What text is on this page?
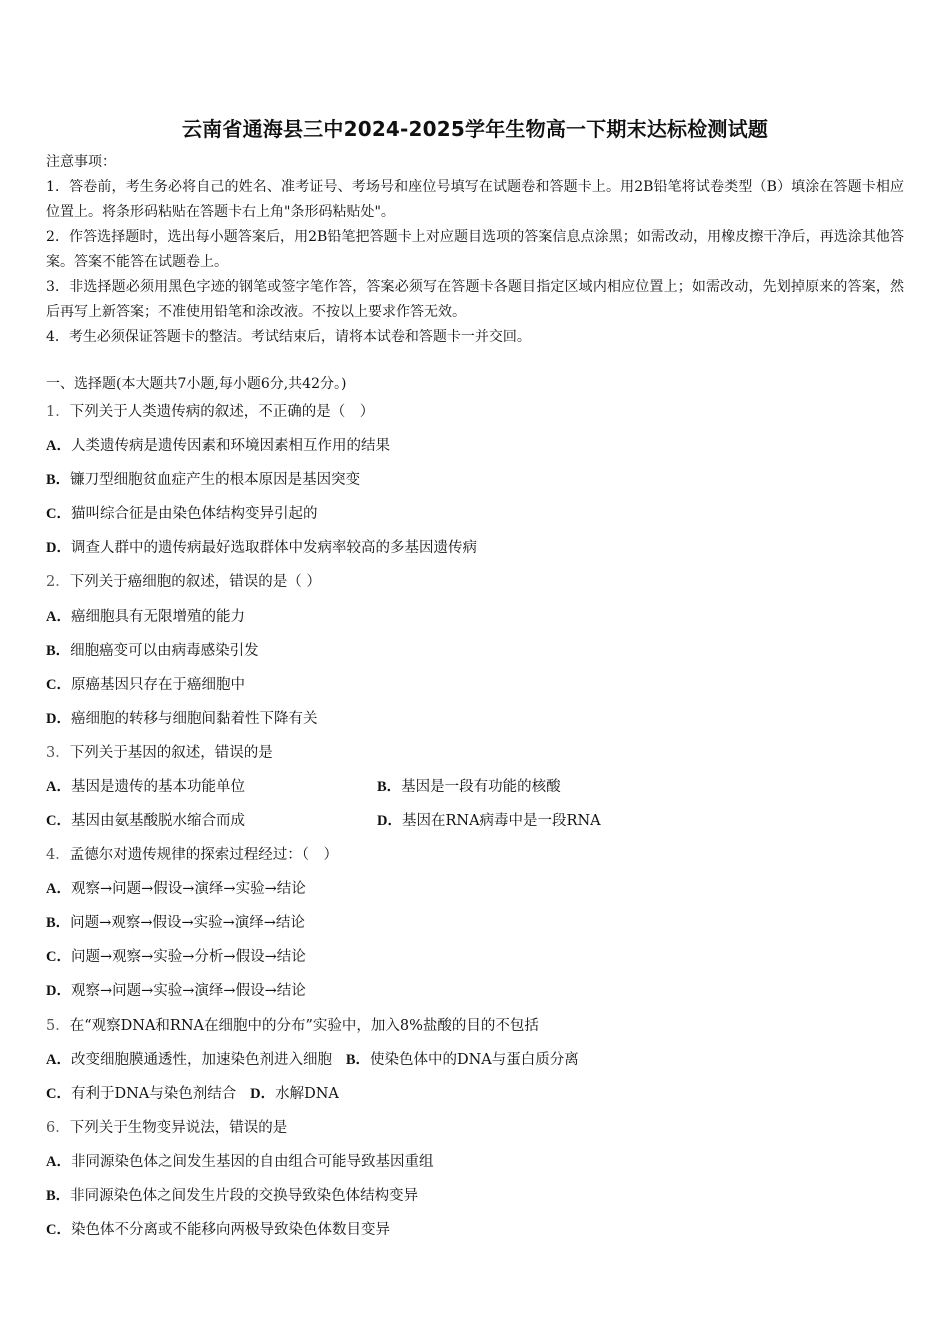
云南省通海县三中2024-2025学年生物高一下期末达标检测试题

注意事项：

1．答卷前，考生务必将自己的姓名、准考证号、考场号和座位号填写在试题卷和答题卡上。用2B铅笔将试卷类型（B）填涂在答题卡相应位置上。将条形码粘贴在答题卡右上角"条形码粘贴处"。

2．作答选择题时，选出每小题答案后，用2B铅笔把答题卡上对应题目选项的答案信息点涂黑；如需改动，用橡皮擦干净后，再选涂其他答案。答案不能答在试题卷上。

3．非选择题必须用黑色字迹的钢笔或签字笔作答，答案必须写在答题卡各题目指定区域内相应位置上；如需改动，先划掉原来的答案，然后再写上新答案；不准使用铅笔和涂改液。不按以上要求作答无效。

4．考生必须保证答题卡的整洁。考试结束后，请将本试卷和答题卡一并交回。

一、选择题(本大题共7小题,每小题6分,共42分。)
1．下列关于人类遗传病的叙述，不正确的是（　）
A．人类遗传病是遗传因素和环境因素相互作用的结果
B．镰刀型细胞贫血症产生的根本原因是基因突变
C．猫叫综合征是由染色体结构变异引起的
D．调查人群中的遗传病最好选取群体中发病率较高的多基因遗传病
2．下列关于癌细胞的叙述，错误的是（ ）
A．癌细胞具有无限增殖的能力
B．细胞癌变可以由病毒感染引发
C．原癌基因只存在于癌细胞中
D．癌细胞的转移与细胞间黏着性下降有关
3．下列关于基因的叙述，错误的是
A．基因是遗传的基本功能单位	B．基因是一段有功能的核酸
C．基因由氨基酸脱水缩合而成	D．基因在RNA病毒中是一段RNA
4．孟德尔对遗传规律的探索过程经过：（　）
A．观察→问题→假设→演绎→实验→结论
B．问题→观察→假设→实验→演绎→结论
C．问题→观察→实验→分析→假设→结论
D．观察→问题→实验→演绎→假设→结论
5．在“观察DNA和RNA在细胞中的分布”实验中，加入8%盐酸的目的不包括
A．改变细胞膜通透性，加速染色剂进入细胞 B．使染色体中的DNA与蛋白质分离
C．有利于DNA与染色剂结合 D．水解DNA
6．下列关于生物变异说法，错误的是
A．非同源染色体之间发生基因的自由组合可能导致基因重组
B．非同源染色体之间发生片段的交换导致染色体结构变异
C．染色体不分离或不能移向两极导致染色体数目变异
